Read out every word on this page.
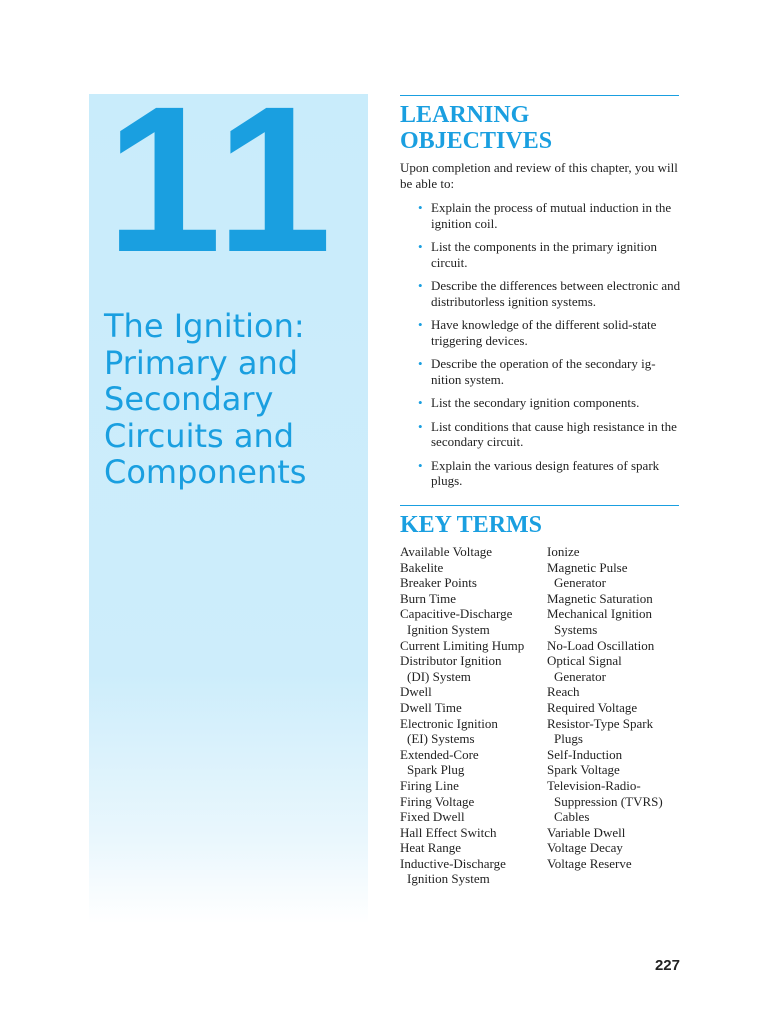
11
The Ignition:
Primary and
Secondary
Circuits and
Components
LEARNING
OBJECTIVES

Upon completion and review of this chapter, you will be able to:

• Explain the process of mutual induction in the ignition coil.
• List the components in the primary ignition circuit.
• Describe the differences between electronic and distributorless ignition systems.
• Have knowledge of the different solid-state triggering devices.
• Describe the operation of the secondary ig- nition system.
• List the secondary ignition components.
• List conditions that cause high resistance in the secondary circuit.
• Explain the various design features of spark plugs.
KEY TERMS
Available Voltage
Bakelite
Breaker Points
Burn Time
Capacitive-Discharge
Ignition System
Current Limiting Hump
Distributor Ignition
(DI) System
Dwell
Dwell Time
Electronic Ignition
(EI) Systems
Extended-Core
Spark Plug
Firing Line
Firing Voltage
Fixed Dwell
Hall Effect Switch
Heat Range
Inductive-Discharge
Ignition System
Ionize
Magnetic Pulse
Generator
Magnetic Saturation
Mechanical Ignition
Systems
No-Load Oscillation
Optical Signal
Generator
Reach
Required Voltage
Resistor-Type Spark
Plugs
Self-Induction
Spark Voltage
Television-Radio-
Suppression (TVRS)
Cables
Variable Dwell
Voltage Decay
Voltage Reserve
227
